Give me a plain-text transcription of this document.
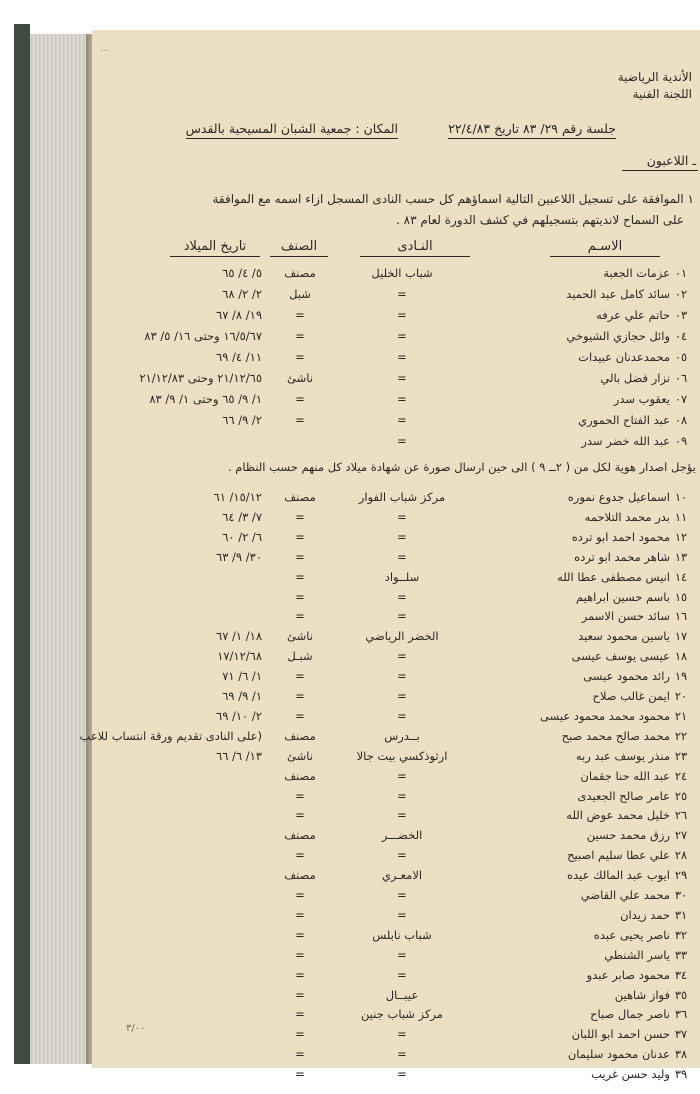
...
الأندية الرياضية
اللجنة الفنية
جلسة رقم ٢٩/ ٨٣ تاريخ ٢٢/٤/٨٣
المكان : جمعية الشبان المسيحية بالقدس
ـ اللاعبون
١ الموافقة على تسجيل اللاعبين التالية اسماؤهم كل حسب النادى المسجل ازاء اسمه مع الموافقة
على السماح لانديتهم بتسجيلهم في كشف الدورة لعام ٨٣ .
الاسـم
النـادى
الصنف
تاريخ الميلاد
٠١
عزمات الجعبة
شباب الخليل
مصنف
٥/ ٤/ ٦٥
٠٢
سائد كامل عبد الحميد
=
شبل
٢/ ٢/ ٦٨
٠٣
حاتم علي عرفه
=
=
١٩/ ٨/ ٦٧
٠٤
وائل حجازي الشيوخي
=
=
١٦/٥/٦٧ وحتى ١٦/ ٥/ ٨٣
٠٥
محمدعدنان عبيدات
=
=
١١/ ٤/ ٦٩
٠٦
نزار فضل بالي
=
ناشئ
٢١/١٢/٦٥ وحتى ٢١/١٢/٨٣
٠٧
يعقوب سدر
=
=
١/ ٩/ ٦٥ وحتى ١/ ٩/ ٨٣
٠٨
عبد الفتاح الحموري
=
=
٢/ ٩/ ٦٦
٠٩
عبد الله خضر سدر
=
يؤجل اصدار هوية لكل من ( ٢ــ ٩ ) الى حين ارسال صورة عن شهادة ميلاد كل منهم حسب النظام .
١٠
اسماعيل جدوع نموره
مركز شباب الفوار
مصنف
١٥/١٢/ ٦١
١١
بدر محمد التلاحمه
=
=
٧/ ٣/ ٦٤
١٢
محمود احمد ابو ترده
=
=
٦/ ٢/ ٦٠
١٣
شاهر محمد ابو ترده
=
=
٣٠/ ٩/ ٦٣
١٤
انيس مصطفى عطا الله
سلــواد
=
١٥
باسم حسين ابراهيم
=
=
١٦
سائد حسن الاسمر
=
=
١٧
ياسين محمود سعيد
الخضر الرياضي
ناشئ
١٨/ ١/ ٦٧
١٨
عيسى يوسف عيسى
=
شبـل
١٧/١٢/٦٨
١٩
رائد محمود عيسى
=
=
١/ ٦/ ٧١
٢٠
ايمن غالب صلاح
=
=
١/ ٩/ ٦٩
٢١
محمود محمد محمود عيسى
=
=
٢/ ١٠/ ٦٩
٢٢
محمد صالح محمد صبح
بــدرس
مصنف
(على النادى تقديم ورقة انتساب للاعب
٢٣
منذر يوسف عبد ربه
ارثوذكسي بيت جالا
ناشئ
١٣/ ٦/ ٦٦
٢٤
عبد الله حنا جقمان
=
مصنف
٢٥
عامر صالح الجعيدى
=
=
٢٦
خليل محمد عوض الله
=
=
٢٧
رزق محمد حسين
الخضـــر
مصنف
٢٨
علي عطا سليم اصبيح
=
=
٢٩
ايوب عبد المالك عيده
الامعـري
مصنف
٣٠
محمد علي القاضي
=
=
٣١
حمد زيدان
=
=
٣٢
ناصر يحيى عبده
شباب نابلس
=
٣٣
ياسر الشنطي
=
=
٣٤
محمود صابر عبدو
=
=
٣٥
فواز شاهين
عيبــال
=
٣٦
ناصر جمال صباح
مركز شباب جنين
=
٣٧
حسن احمد ابو اللبان
=
=
٣٨
عدنان محمود سليمان
=
=
٣٩
وليد حسن غريب
=
=
٣/٠٠
